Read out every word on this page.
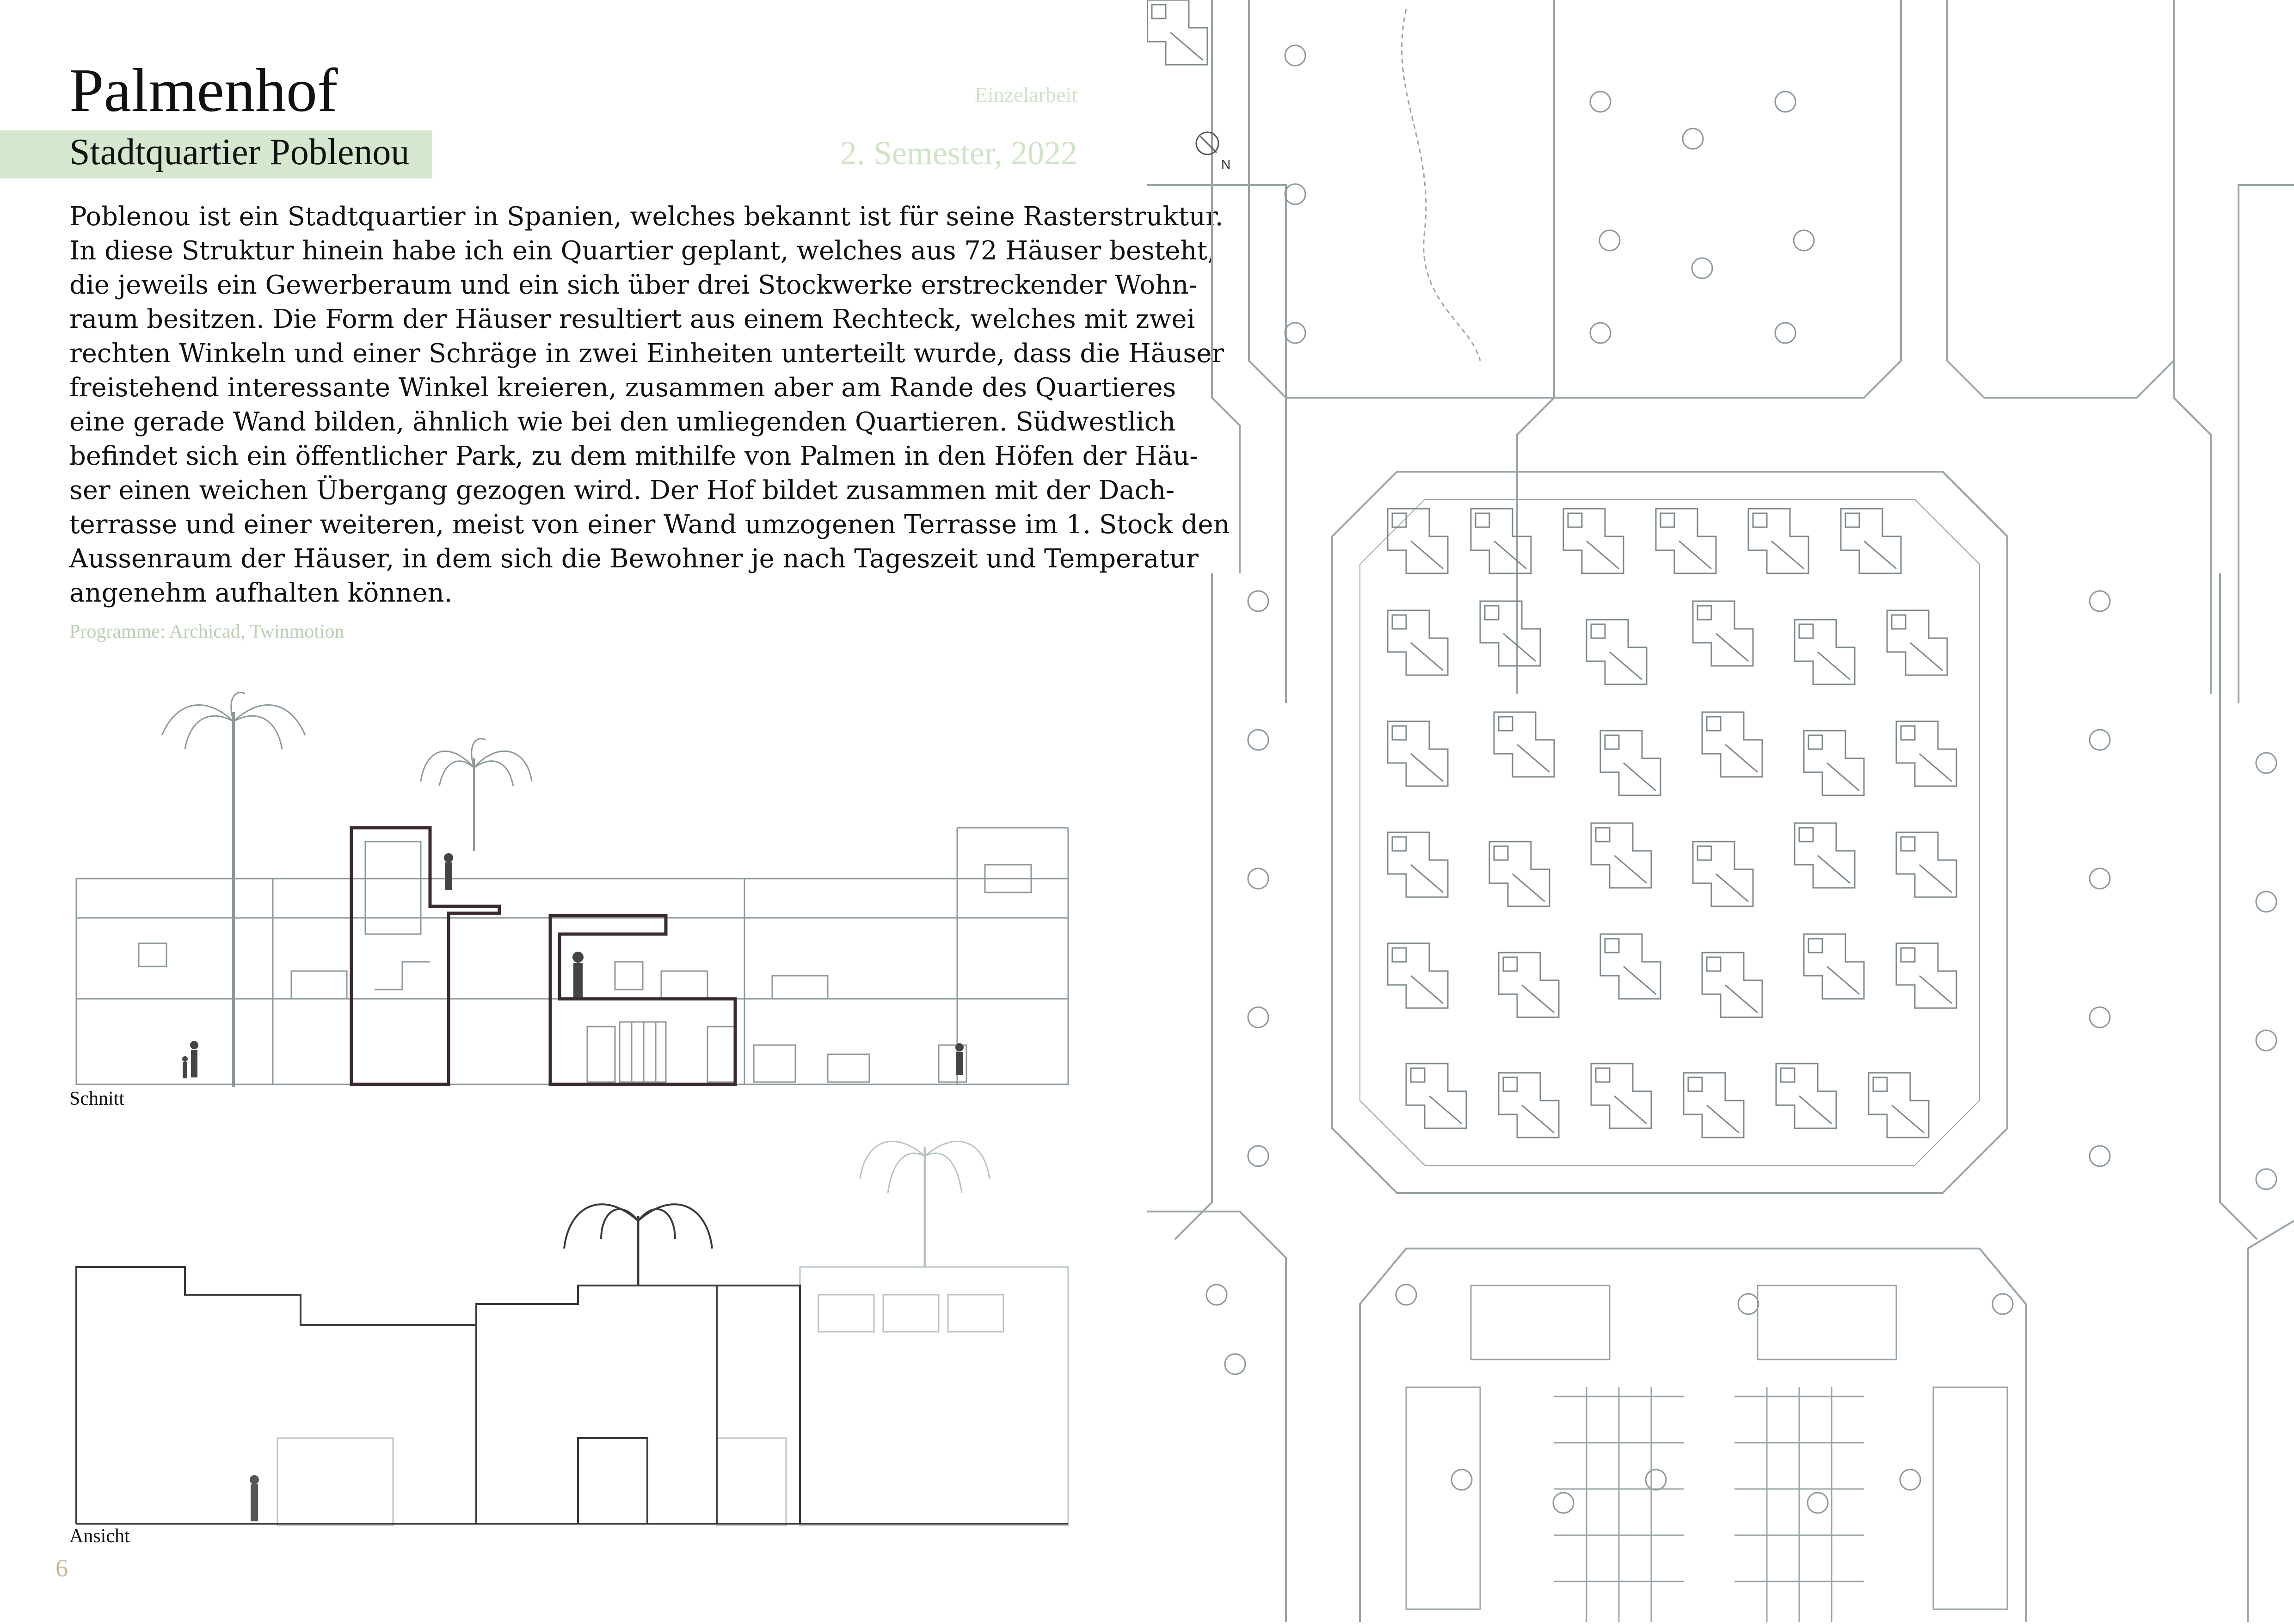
Palmenhof
Stadtquartier Poblenou
Einzelarbeit
2. Semester, 2022

Poblenou ist ein Stadtquartier in Spanien, welches bekannt ist für seine Rasterstruktur.
In diese Struktur hinein habe ich ein Quartier geplant, welches aus 72 Häuser besteht,
die jeweils ein Gewerberaum und ein sich über drei Stockwerke erstreckender Wohn-
raum besitzen. Die Form der Häuser resultiert aus einem Rechteck, welches mit zwei
rechten Winkeln und einer Schräge in zwei Einheiten unterteilt wurde, dass die Häuser
freistehend interessante Winkel kreieren, zusammen aber am Rande des Quartieres
eine gerade Wand bilden, ähnlich wie bei den umliegenden Quartieren. Südwestlich
befindet sich ein öffentlicher Park, zu dem mithilfe von Palmen in den Höfen der Häu-
ser einen weichen Übergang gezogen wird. Der Hof bildet zusammen mit der Dach-
terrasse und einer weiteren, meist von einer Wand umzogenen Terrasse im 1. Stock den
Aussenraum der Häuser, in dem sich die Bewohner je nach Tageszeit und Temperatur
angenehm aufhalten können.

Programme: Archicad, Twinmotion
Schnitt
Ansicht
6
N
